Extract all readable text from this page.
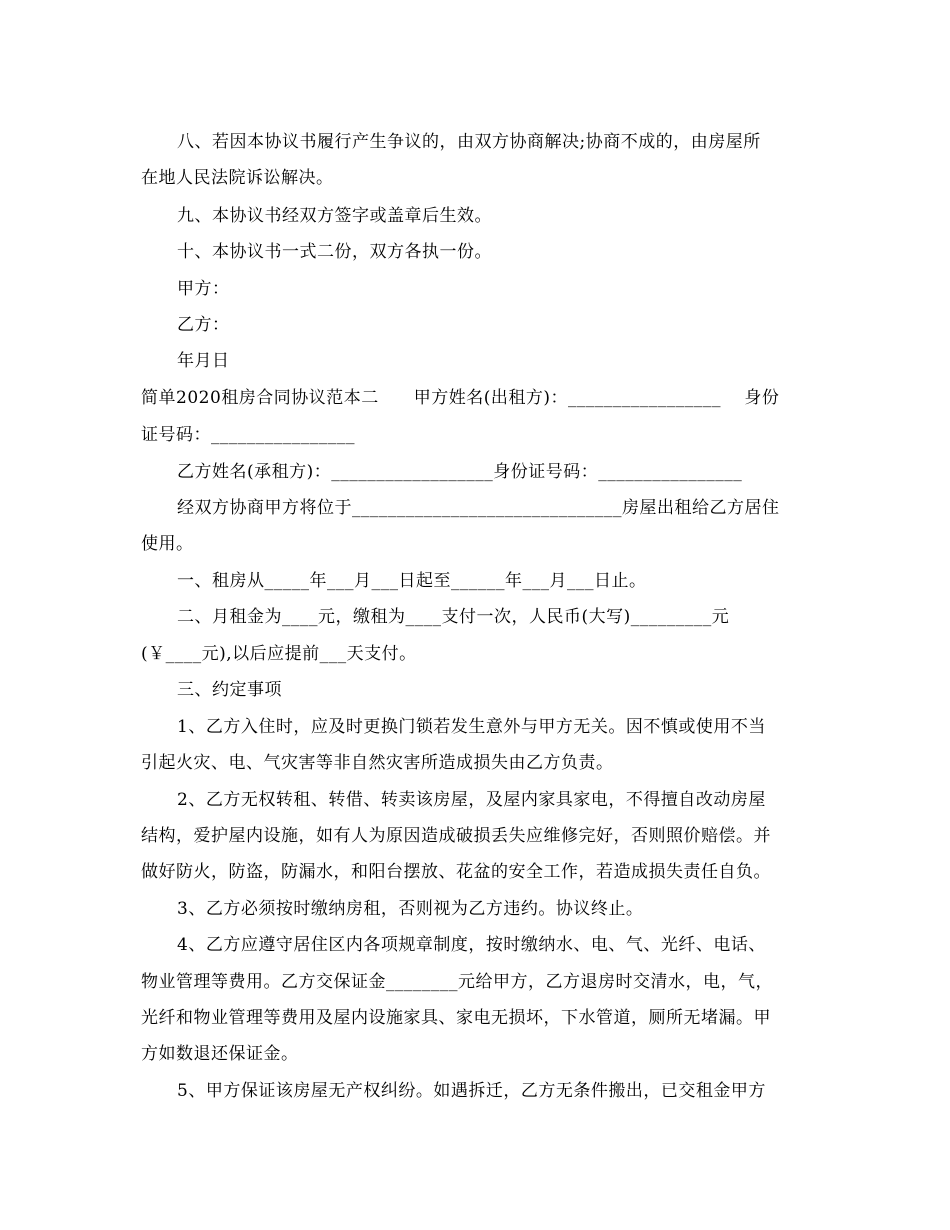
八、若因本协议书履行产生争议的，由双方协商解决;协商不成的，由房屋所
在地人民法院诉讼解决。
九、本协议书经双方签字或盖章后生效。
十、本协议书一式二份，双方各执一份。
甲方：
乙方：
年月日
简单2020租房合同协议范本二　　甲方姓名(出租方)：_________________　 身份
证号码：________________
乙方姓名(承租方)：__________________身份证号码：________________
经双方协商甲方将位于______________________________房屋出租给乙方居住
使用。
一、租房从_____年___月___日起至______年___月___日止。
二、月租金为____元，缴租为____支付一次，人民币(大写)_________元
(￥____元),以后应提前___天支付。
三、约定事项
1、乙方入住时，应及时更换门锁若发生意外与甲方无关。因不慎或使用不当
引起火灾、电、气灾害等非自然灾害所造成损失由乙方负责。
2、乙方无权转租、转借、转卖该房屋，及屋内家具家电，不得擅自改动房屋
结构，爱护屋内设施，如有人为原因造成破损丢失应维修完好，否则照价赔偿。并
做好防火，防盗，防漏水，和阳台摆放、花盆的安全工作，若造成损失责任自负。
3、乙方必须按时缴纳房租，否则视为乙方违约。协议终止。
4、乙方应遵守居住区内各项规章制度，按时缴纳水、电、气、光纤、电话、
物业管理等费用。乙方交保证金________元给甲方，乙方退房时交清水，电，气，
光纤和物业管理等费用及屋内设施家具、家电无损坏，下水管道，厕所无堵漏。甲
方如数退还保证金。
5、甲方保证该房屋无产权纠纷。如遇拆迁，乙方无条件搬出，已交租金甲方
